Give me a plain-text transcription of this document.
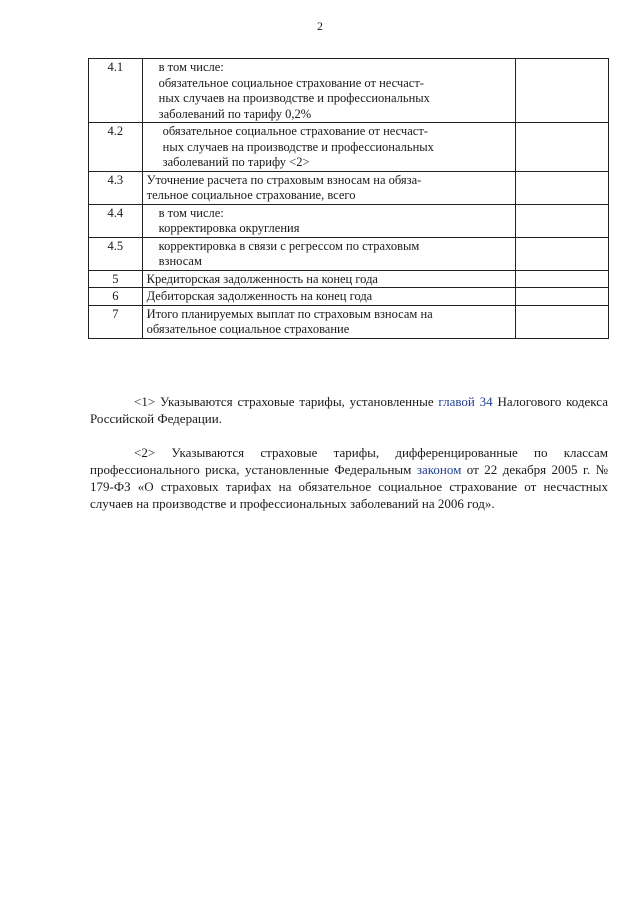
2
4.1	в том числе:
обязательное социальное страхование от несчаст-
ных случаев на производстве и профессиональных
заболеваний по тарифу 0,2%	

4.2	обязательное социальное страхование от несчаст-
ных случаев на производстве и профессиональных
заболеваний по тарифу <2>	

4.3	Уточнение расчета по страховым взносам на обяза-
тельное социальное страхование, всего	

4.4	в том числе:
корректировка округления	

4.5	корректировка в связи с регрессом по страховым
взносам	

5	Кредиторская задолженность на конец года	

6	Дебиторская задолженность на конец года	

7	Итого планируемых выплат по страховым взносам на
обязательное социальное страхование	

<1> Указываются страховые тарифы, установленные главой 34 Налогового кодекса Российской Федерации.

<2> Указываются страховые тарифы, дифференцированные по классам профессионального риска, установленные Федеральным законом от 22 декабря 2005 г. № 179-ФЗ «О страховых тарифах на обязательное социальное страхование от несчастных случаев на производстве и профессиональных заболеваний на 2006 год».
